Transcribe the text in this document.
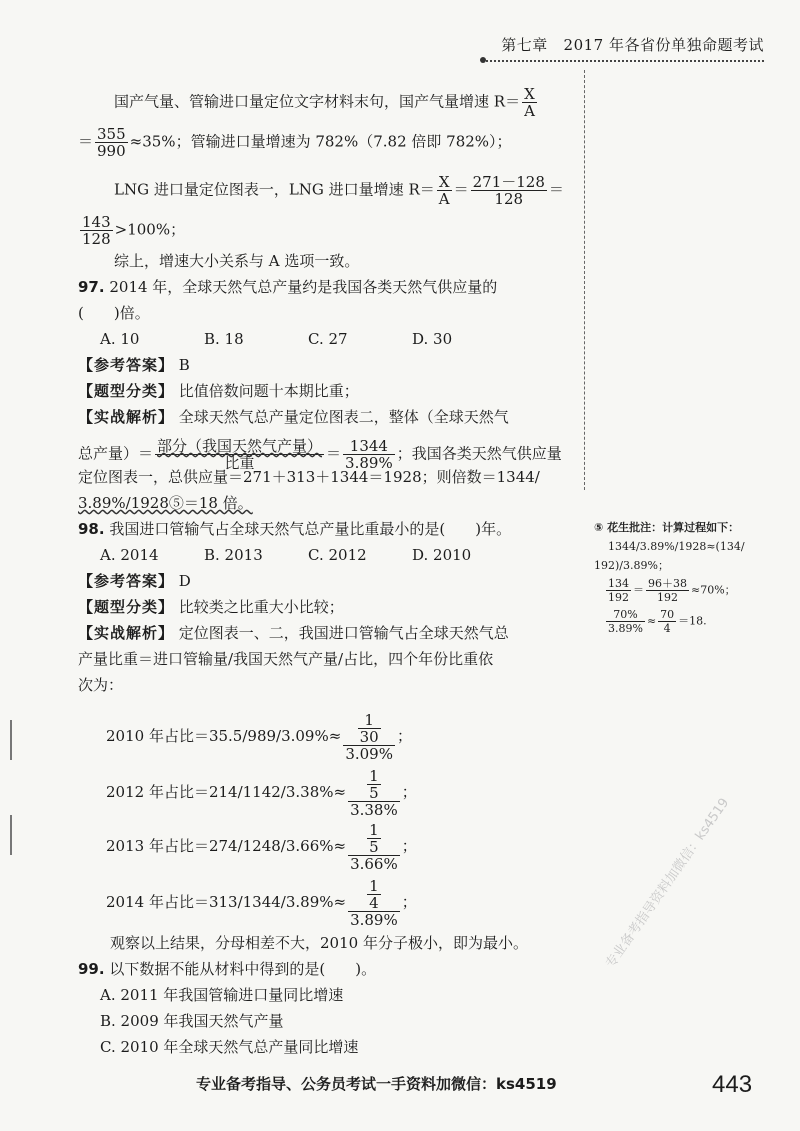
第七章 2017 年各省份单独命题考试
国产气量、管输进口量定位文字材料末句，国产气量增速 $R= \frac{X}{A}$
＝ $\frac{355}{990} \approx 35\%$；管输进口量增速为 782%（7.82 倍即 782%）；
LNG 进口量定位图表一，LNG 进口量增速 $R= \frac{X}{A} = \frac{271-128}{128}$ ＝
$\frac{143}{128} >100\%$；
综上，增速大小关系与 A 选项一致。
97. 2014 年，全球天然气总产量约是我国各类天然气供应量的
(　　)倍。
A. 10	B. 18	C. 27	D. 30
【参考答案】 B
【题型分类】 比值倍数问题十本期比重；
【实战解析】 全球天然气总产量定位图表二，整体（全球天然气
总产量）＝ $\frac{\text{部分（我国天然气产量）}}{\text{比重}} = \frac{1344}{3.89\%}$ ；我国各类天然气供应量
定位图表一，总供应量＝271＋313＋1344＝1928；则倍数＝1344/
3.89%/1928⑤＝18 倍。
98. 我国进口管输气占全球天然气总产量比重最小的是(　　)年。
A. 2014	B. 2013	C. 2012	D. 2010
【参考答案】 D
【题型分类】 比较类之比重大小比较；
【实战解析】 定位图表一、二，我国进口管输气占全球天然气总
产量比重＝进口管输量/我国天然气产量/占比，四个年份比重依
次为：
2010 年占比$=35.5/989/3.09\%\approx \frac{\frac{1}{30}}{3.09\%}$ ；
2012 年占比$=214/1142/3.38\%\approx \frac{\frac{1}{5}}{3.38\%}$ ；
2013 年占比$=274/1248/3.66\%\approx \frac{\frac{1}{5}}{3.66\%}$ ；
2014 年占比$=313/1344/3.89\%\approx \frac{\frac{1}{4}}{3.89\%}$ ；
观察以上结果，分母相差不大，2010 年分子极小，即为最小。
99. 以下数据不能从材料中得到的是(　　)。
A. 2011 年我国管输进口量同比增速
B. 2009 年我国天然气产量
C. 2010 年全球天然气总产量同比增速
⑤ 花生批注：计算过程如下：
1344/3.89%/1928≈(134/
192)/3.89%；
$\frac{134}{192} = \frac{96+38}{192} \approx 70\%$；
$\frac{70\%}{3.89\%} \approx \frac{70}{4} =18$.
专业备考指导资料加微信：ks4519
专业备考指导、公务员考试一手资料加微信：ks4519	443
